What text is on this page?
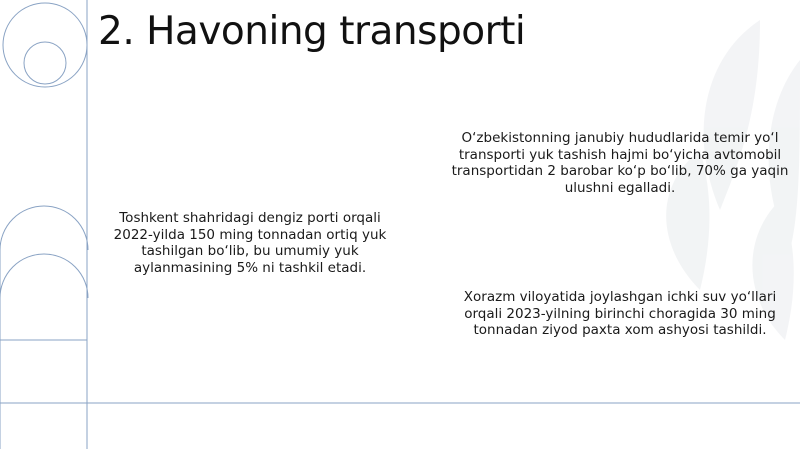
2. Havoning transporti

O‘zbekistonning janubiy hududlarida temir yo‘l transporti yuk tashish hajmi bo‘yicha avtomobil transportidan 2 barobar ko‘p bo‘lib, 70% ga yaqin ulushni egalladi.

Toshkent shahridagi dengiz porti orqali 2022-yilda 150 ming tonnadan ortiq yuk tashilgan bo‘lib, bu umumiy yuk aylanmasining 5% ni tashkil etadi.

Xorazm viloyatida joylashgan ichki suv yo‘llari orqali 2023-yilning birinchi choragida 30 ming tonnadan ziyod paxta xom ashyosi tashildi.
